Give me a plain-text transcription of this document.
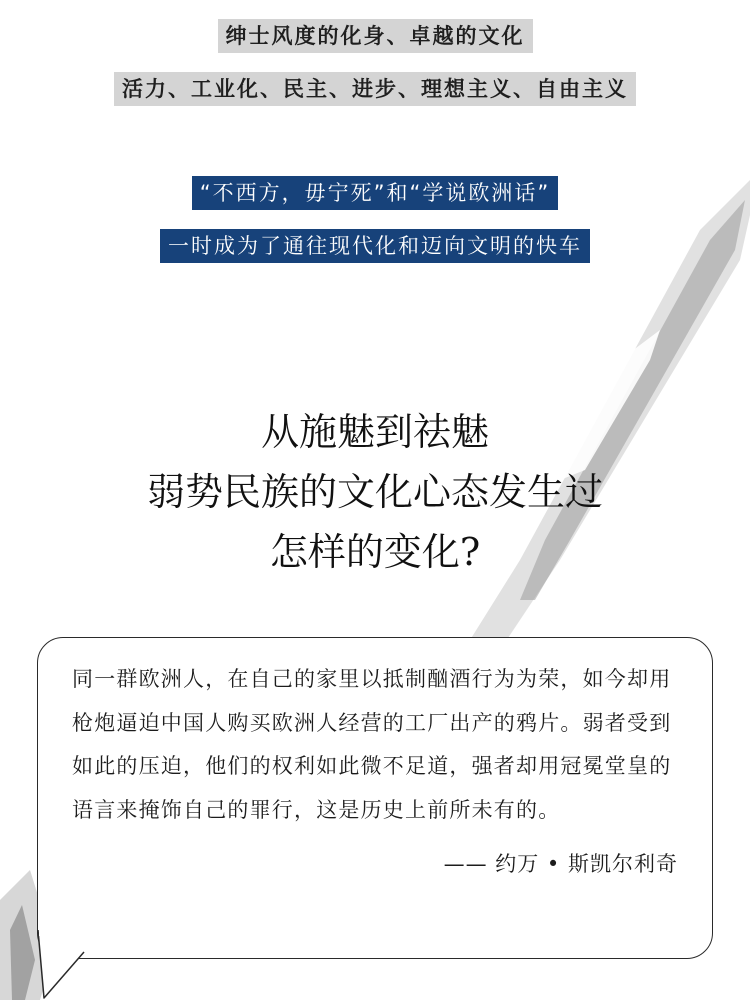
绅士风度的化身、卓越的文化
活力、工业化、民主、进步、理想主义、自由主义
“不西方，毋宁死”和“学说欧洲话”
一时成为了通往现代化和迈向文明的快车
从施魅到祛魅
弱势民族的文化心态发生过
怎样的变化?
同一群欧洲人，在自己的家里以抵制酗酒行为为荣，如今却用枪炮逼迫中国人购买欧洲人经营的工厂出产的鸦片。弱者受到如此的压迫，他们的权利如此微不足道，强者却用冠冕堂皇的语言来掩饰自己的罪行，这是历史上前所未有的。
—— 约万 • 斯凯尔利奇
